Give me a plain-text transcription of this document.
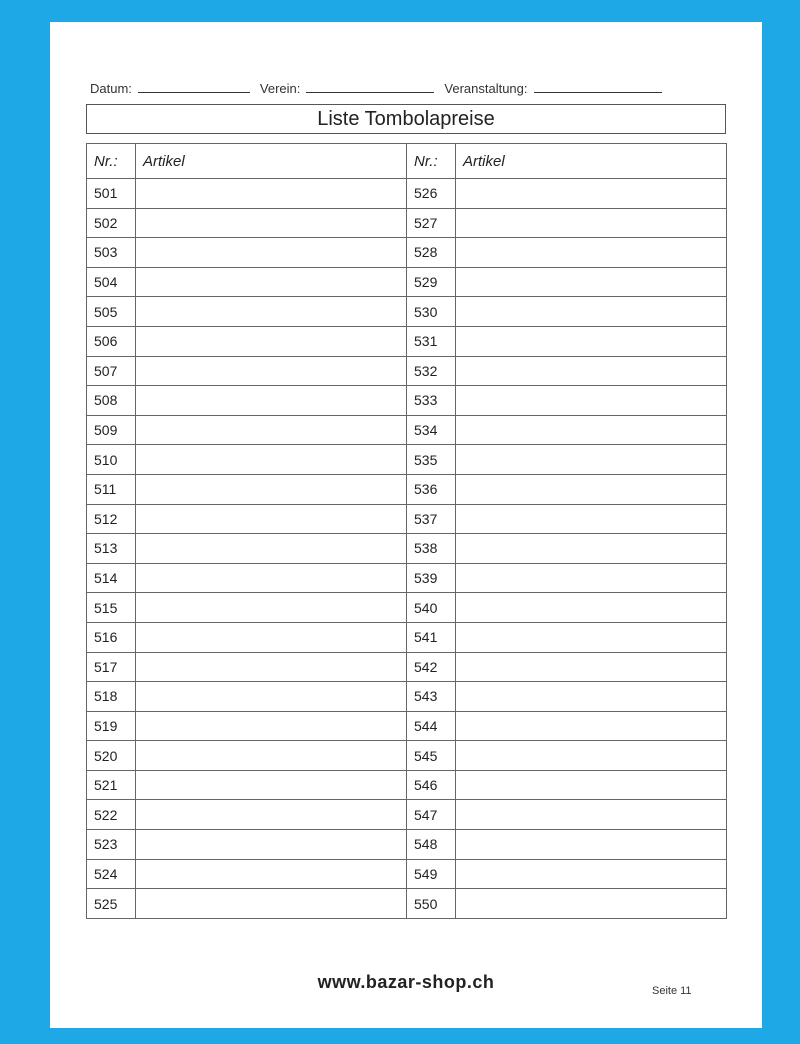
Datum:	Verein:	Veranstaltung:
Liste Tombolapreise
Nr.:	Artikel	Nr.:	Artikel
501		526	
502		527	
503		528	
504		529	
505		530	
506		531	
507		532	
508		533	
509		534	
510		535	
511		536	
512		537	
513		538	
514		539	
515		540	
516		541	
517		542	
518		543	
519		544	
520		545	
521		546	
522		547	
523		548	
524		549	
525		550	
www.bazar-shop.ch	Seite 11
